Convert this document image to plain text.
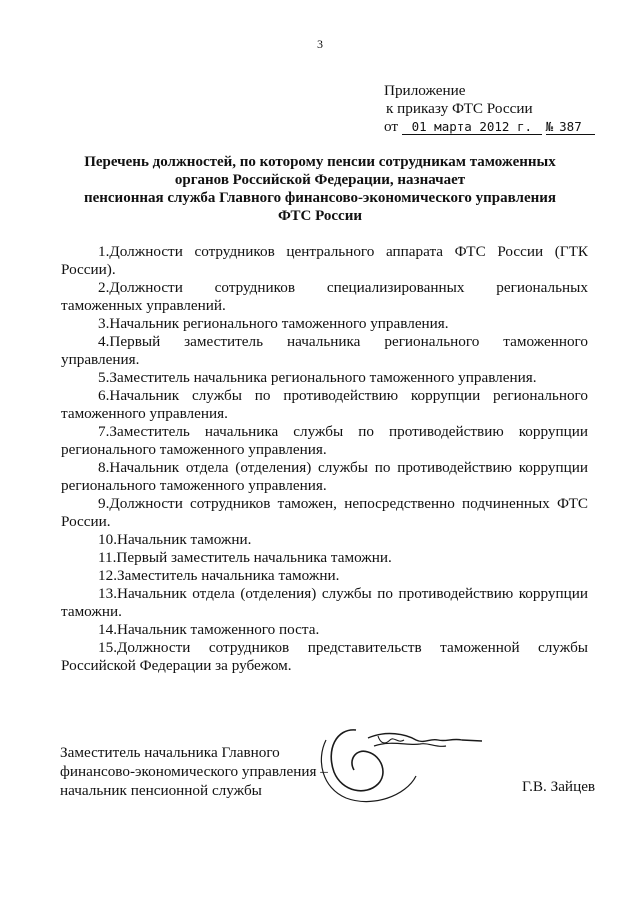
3
Приложение
к приказу ФТС России
от 01 марта 2012 г. № 387
Перечень должностей, по которому пенсии сотрудникам таможенных
органов Российской Федерации, назначает
пенсионная служба Главного финансово-экономического управления
ФТС России

1.Должности сотрудников центрального аппарата ФТС России (ГТК России).

2.Должности сотрудников специализированных региональных таможенных управлений.

3.Начальник регионального таможенного управления.

4.Первый заместитель начальника регионального таможенного управления.

5.Заместитель начальника регионального таможенного управления.

6.Начальник службы по противодействию коррупции регионального таможенного управления.

7.Заместитель начальника службы по противодействию коррупции регионального таможенного управления.

8.Начальник отдела (отделения) службы по противодействию коррупции регионального таможенного управления.

9.Должности сотрудников таможен, непосредственно подчиненных ФТС России.

10.Начальник таможни.

11.Первый заместитель начальника таможни.

12.Заместитель начальника таможни.

13.Начальник отдела (отделения) службы по противодействию коррупции таможни.

14.Начальник таможенного поста.

15.Должности сотрудников представительств таможенной службы Российской Федерации за рубежом.

Заместитель начальника Главного
финансово-экономического управления –
начальник пенсионной службы	Г.В. Зайцев
